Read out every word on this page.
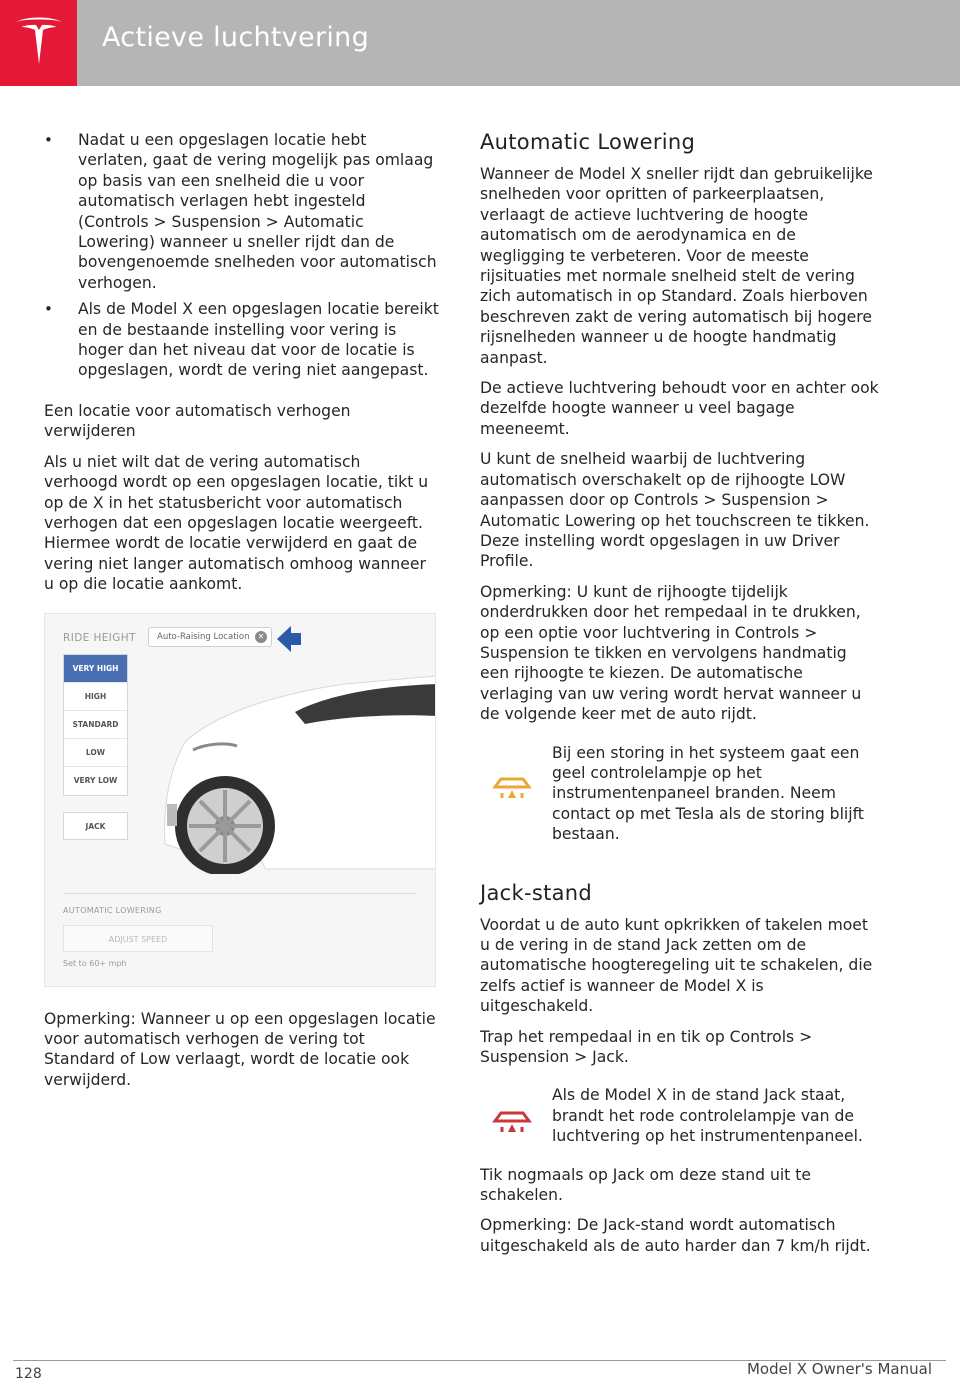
Actieve luchtvering
• Nadat u een opgeslagen locatie hebt verlaten, gaat de vering mogelijk pas omlaag op basis van een snelheid die u voor automatisch verlagen hebt ingesteld (Controls > Suspension > Automatic Lowering) wanneer u sneller rijdt dan de bovengenoemde snelheden voor automatisch verhogen.
• Als de Model X een opgeslagen locatie bereikt en de bestaande instelling voor vering is hoger dan het niveau dat voor de locatie is opgeslagen, wordt de vering niet aangepast.

Een locatie voor automatisch verhogen verwijderen

Als u niet wilt dat de vering automatisch verhoogd wordt op een opgeslagen locatie, tikt u op de X in het statusbericht voor automatisch verhogen dat een opgeslagen locatie weergeeft. Hiermee wordt de locatie verwijderd en gaat de vering niet langer automatisch omhoog wanneer u op die locatie aankomt.

RIDE HEIGHT	Auto-Raising Location	✕
VERY HIGH
HIGH
STANDARD
LOW
VERY LOW
JACK
AUTOMATIC LOWERING
ADJUST SPEED
Set to 60+ mph

Opmerking: Wanneer u op een opgeslagen locatie voor automatisch verhogen de vering tot Standard of Low verlaagt, wordt de locatie ook verwijderd.

Automatic Lowering

Wanneer de Model X sneller rijdt dan gebruikelijke snelheden voor opritten of parkeerplaatsen, verlaagt de actieve luchtvering de hoogte automatisch om de aerodynamica en de wegligging te verbeteren. Voor de meeste rijsituaties met normale snelheid stelt de vering zich automatisch in op Standard. Zoals hierboven beschreven zakt de vering automatisch bij hogere rijsnelheden wanneer u de hoogte handmatig aanpast.

De actieve luchtvering behoudt voor en achter ook dezelfde hoogte wanneer u veel bagage meeneemt.

U kunt de snelheid waarbij de luchtvering automatisch overschakelt op de rijhoogte LOW aanpassen door op Controls > Suspension > Automatic Lowering op het touchscreen te tikken. Deze instelling wordt opgeslagen in uw Driver Profile.

Opmerking: U kunt de rijhoogte tijdelijk onderdrukken door het rempedaal in te drukken, op een optie voor luchtvering in Controls > Suspension te tikken en vervolgens handmatig een rijhoogte te kiezen. De automatische verlaging van uw vering wordt hervat wanneer u de volgende keer met de auto rijdt.

Bij een storing in het systeem gaat een geel controlelampje op het instrumentenpaneel branden. Neem contact op met Tesla als de storing blijft bestaan.

Jack-stand

Voordat u de auto kunt opkrikken of takelen moet u de vering in de stand Jack zetten om de automatische hoogteregeling uit te schakelen, die zelfs actief is wanneer de Model X is uitgeschakeld.

Trap het rempedaal in en tik op Controls > Suspension > Jack.

Als de Model X in de stand Jack staat, brandt het rode controlelampje van de luchtvering op het instrumentenpaneel.

Tik nogmaals op Jack om deze stand uit te schakelen.

Opmerking: De Jack-stand wordt automatisch uitgeschakeld als de auto harder dan 7 km/h rijdt.

128	Model X Owner's Manual
